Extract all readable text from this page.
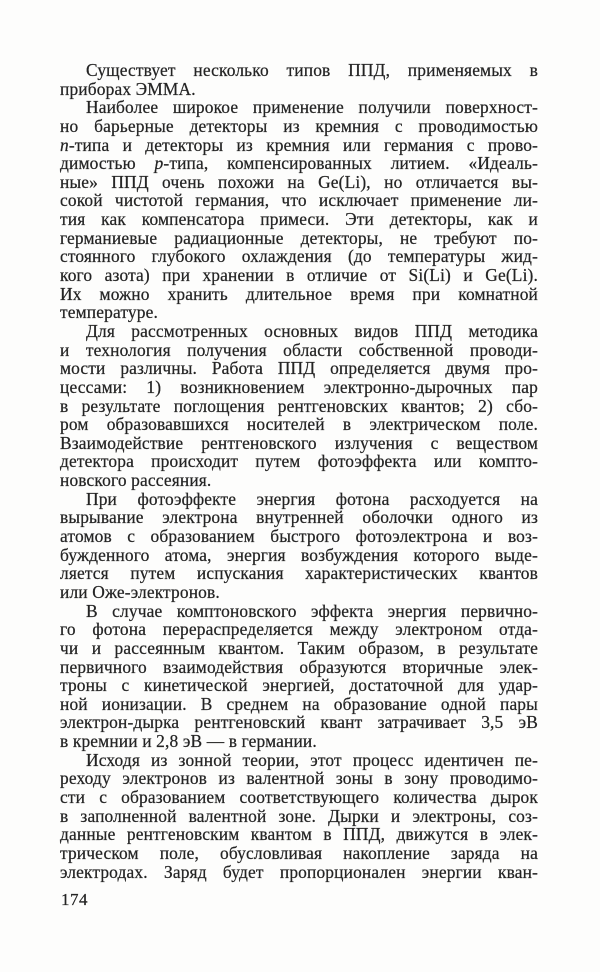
Существует несколько типов ППД, применяемых в
приборах ЭММА.
Наиболее широкое применение получили поверхност-
но барьерные детекторы из кремния с проводимостью
n-типа и детекторы из кремния или германия с прово-
димостью p-типа, компенсированных литием. «Идеаль-
ные» ППД очень похожи на Ge(Li), но отличается вы-
сокой чистотой германия, что исключает применение ли-
тия как компенсатора примеси. Эти детекторы, как и
германиевые радиационные детекторы, не требуют по-
стоянного глубокого охлаждения (до температуры жид-
кого азота) при хранении в отличие от Si(Li) и Ge(Li).
Их можно хранить длительное время при комнатной
температуре.
Для рассмотренных основных видов ППД методика
и технология получения области собственной проводи-
мости различны. Работа ППД определяется двумя про-
цессами: 1) возникновением электронно-дырочных пар
в результате поглощения рентгеновских квантов; 2) сбо-
ром образовавшихся носителей в электрическом поле.
Взаимодействие рентгеновского излучения с веществом
детектора происходит путем фотоэффекта или компто-
новского рассеяния.
При фотоэффекте энергия фотона расходуется на
вырывание электрона внутренней оболочки одного из
атомов с образованием быстрого фотоэлектрона и воз-
бужденного атома, энергия возбуждения которого выде-
ляется путем испускания характеристических квантов
или Оже-электронов.
В случае комптоновского эффекта энергия первично-
го фотона перераспределяется между электроном отда-
чи и рассеянным квантом. Таким образом, в результате
первичного взаимодействия образуются вторичные элек-
троны с кинетической энергией, достаточной для удар-
ной ионизации. В среднем на образование одной пары
электрон-дырка рентгеновский квант затрачивает 3,5 эВ
в кремнии и 2,8 эВ — в германии.
Исходя из зонной теории, этот процесс идентичен пе-
реходу электронов из валентной зоны в зону проводимо-
сти с образованием соответствующего количества дырок
в заполненной валентной зоне. Дырки и электроны, соз-
данные рентгеновским квантом в ППД, движутся в элек-
трическом поле, обусловливая накопление заряда на
электродах. Заряд будет пропорционален энергии кван-
174
